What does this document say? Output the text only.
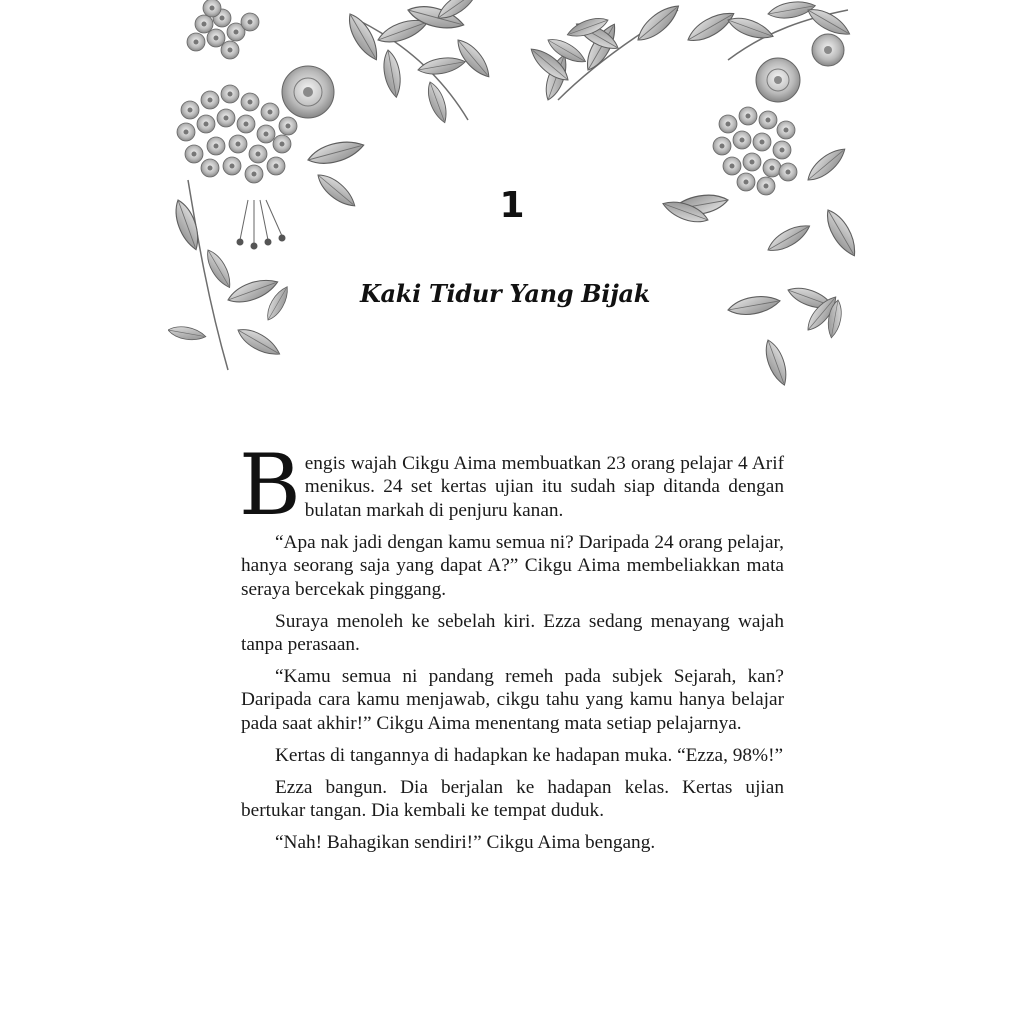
1
Kaki Tidur Yang Bijak

Bengis wajah Cikgu Aima membuatkan 23 orang pelajar 4 Arif menikus. 24 set kertas ujian itu sudah siap ditanda dengan bulatan markah di penjuru kanan.

“Apa nak jadi dengan kamu semua ni? Daripada 24 orang pelajar, hanya seorang saja yang dapat A?” Cikgu Aima membeliakkan mata seraya bercekak pinggang.

Suraya menoleh ke sebelah kiri. Ezza sedang menayang wajah tanpa perasaan.

“Kamu semua ni pandang remeh pada subjek Sejarah, kan? Daripada cara kamu menjawab, cikgu tahu yang kamu hanya belajar pada saat akhir!” Cikgu Aima menentang mata setiap pelajarnya.

Kertas di tangannya di hadapkan ke hadapan muka. “Ezza, 98%!”

Ezza bangun. Dia berjalan ke hadapan kelas. Kertas ujian bertukar tangan. Dia kembali ke tempat duduk.

“Nah! Bahagikan sendiri!” Cikgu Aima bengang.
